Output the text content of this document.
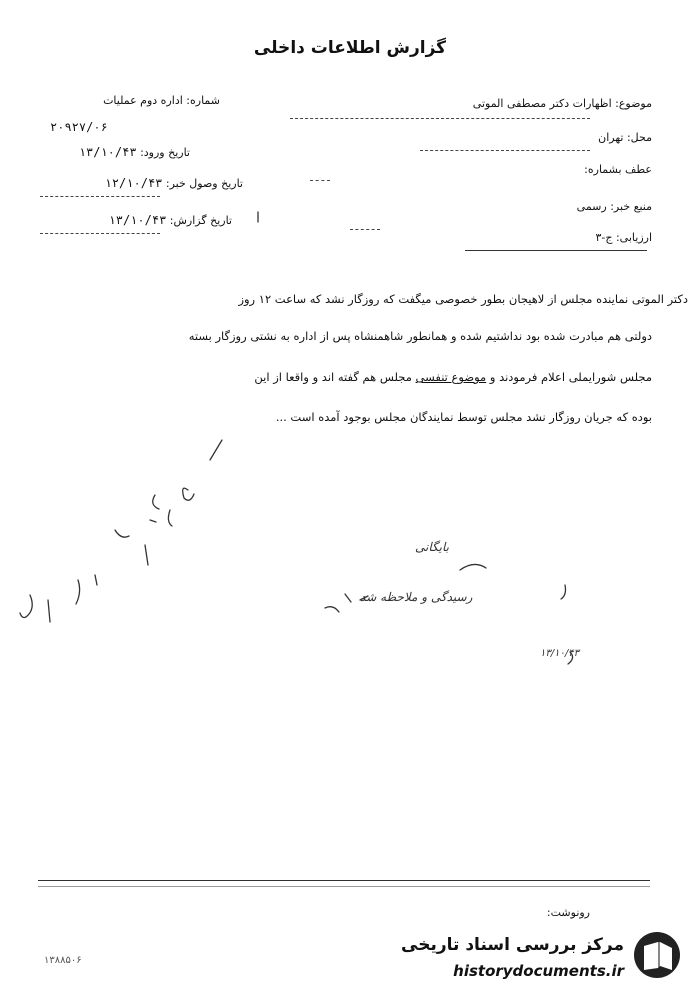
گزارش اطلاعات داخلی
شماره: اداره دوم عملیات
۲۰۹۲۷/۰۶
تاریخ ورود: ۱۳/۱۰/۴۳
تاریخ وصول خبر: ۱۲/۱۰/۴۳
تاریخ گزارش: ۱۳/۱۰/۴۳
موضوع: اظهارات دکتر مصطفی الموتی
محل: تهران
عطف بشماره:
منبع خبر: رسمی
ارزیابی: ج-۳
دکتر الموتی نماینده مجلس از لاهیجان بطور خصوصی میگفت که روزگار نشد که ساعت ۱۲ روز
دولتی هم مبادرت شده بود نداشتیم شده و همانطور شاهمنشاه پس از اداره به نشتی روزگار بسته
مجلس شورایملی اعلام فرمودند و موضوع تنفسی مجلس هم گفته اند و واقعا از این
بوده که جریان روزگار نشد مجلس توسط نمایندگان مجلس بوجود آمده است ...
بایگانی
رسیدگی و ملاحظه شد
۱۳/۱۰/۴۳
رونوشت:
۱۳۸۸۵۰۶
مرکز بررسی اسناد تاریخی
historydocuments.ir
